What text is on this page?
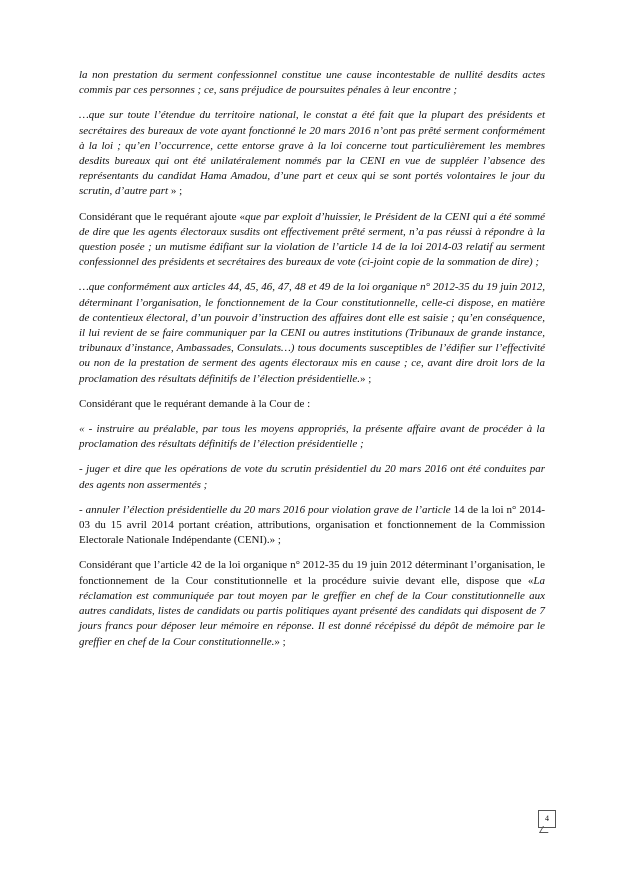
la non prestation du serment confessionnel constitue une cause incontestable de nullité desdits actes commis par ces personnes ; ce, sans préjudice de poursuites pénales à leur encontre ;

…que sur toute l’étendue du territoire national, le constat a été fait que la plupart des présidents et secrétaires des bureaux de vote ayant fonctionné le 20 mars 2016 n’ont pas prêté serment conformément à la loi ; qu’en l’occurrence, cette entorse grave à la loi concerne tout particulièrement les membres desdits bureaux qui ont été unilatéralement nommés par la CENI en vue de suppléer l’absence des représentants du candidat Hama Amadou, d’une part et ceux qui se sont portés volontaires le jour du scrutin, d’autre part » ;

Considérant que le requérant ajoute «que par exploit d’huissier, le Président de la CENI qui a été sommé de dire que les agents électoraux susdits ont effectivement prêté serment, n’a pas réussi à répondre à la question posée ; un mutisme édifiant sur la violation de l’article 14 de la loi 2014-03 relatif au serment confessionnel des présidents et secrétaires des bureaux de vote (ci-joint copie de la sommation de dire) ;

…que conformément aux articles 44, 45, 46, 47, 48 et 49 de la loi organique n° 2012-35 du 19 juin 2012, déterminant l’organisation, le fonctionnement de la Cour constitutionnelle, celle-ci dispose, en matière de contentieux électoral, d’un pouvoir d’instruction des affaires dont elle est saisie ; qu’en conséquence, il lui revient de se faire communiquer par la CENI ou autres institutions (Tribunaux de grande instance, tribunaux d’instance, Ambassades, Consulats…) tous documents susceptibles de l’édifier sur l’effectivité ou non de la prestation de serment des agents électoraux mis en cause ; ce, avant dire droit lors de la proclamation des résultats définitifs de l’élection présidentielle.» ;

Considérant que le requérant demande à la Cour de :

« - instruire au préalable, par tous les moyens appropriés, la présente affaire avant de procéder à la proclamation des résultats définitifs de l’élection présidentielle ;

- juger et dire que les opérations de vote du scrutin présidentiel du 20 mars 2016 ont été conduites par des agents non assermentés ;

- annuler l’élection présidentielle du 20 mars 2016 pour violation grave de l’article 14 de la loi n° 2014-03 du 15 avril 2014 portant création, attributions, organisation et fonctionnement de la Commission Electorale Nationale Indépendante (CENI).» ;

Considérant que l’article 42 de la loi organique n° 2012-35 du 19 juin 2012 déterminant l’organisation, le fonctionnement de la Cour constitutionnelle et la procédure suivie devant elle, dispose que «La réclamation est communiquée par tout moyen par le greffier en chef de la Cour constitutionnelle aux autres candidats, listes de candidats ou partis politiques ayant présenté des candidats qui disposent de 7 jours francs pour déposer leur mémoire en réponse. Il est donné récépissé du dépôt de mémoire par le greffier en chef de la Cour constitutionnelle.» ;

4
